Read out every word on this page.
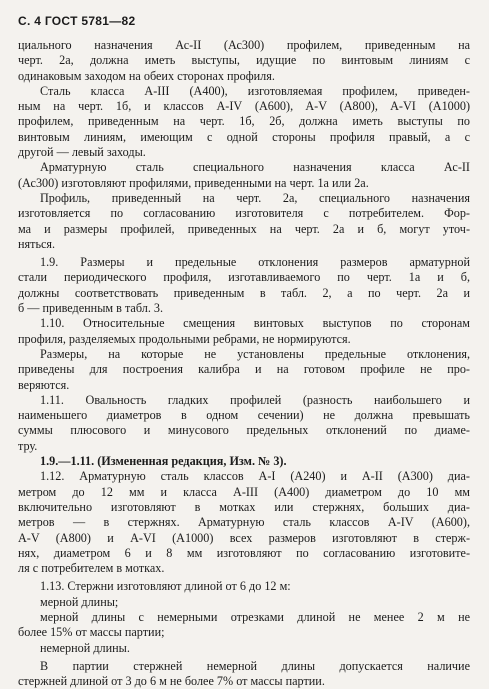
С. 4 ГОСТ 5781—82
циального назначения Ас-II (Ас300) профилем, приведенным на
черт. 2а, должна иметь выступы, идущие по винтовым линиям с
одинаковым заходом на обеих сторонах профиля.
Сталь класса A-III (А400), изготовляемая профилем, приведен-
ным на черт. 1б, и классов A-IV (А600), A-V (А800), A-VI (А1000)
профилем, приведенным на черт. 1б, 2б, должна иметь выступы по
винтовым линиям, имеющим с одной стороны профиля правый, а с
другой — левый заходы.
Арматурную сталь специального назначения класса Ас-II
(Ас300) изготовляют профилями, приведенными на черт. 1а или 2а.
Профиль, приведенный на черт. 2а, специального назначения
изготовляется по согласованию изготовителя с потребителем. Фор-
ма и размеры профилей, приведенных на черт. 2а и б, могут уточ-
няться.
1.9. Размеры и предельные отклонения размеров арматурной
стали периодического профиля, изготавливаемого по черт. 1а и б,
должны соответствовать приведенным в табл. 2, а по черт. 2а и
б — приведенным в табл. 3.
1.10. Относительные смещения винтовых выступов по сторонам
профиля, разделяемых продольными ребрами, не нормируются.
Размеры, на которые не установлены предельные отклонения,
приведены для построения калибра и на готовом профиле не про-
веряются.
1.11. Овальность гладких профилей (разность наибольшего и
наименьшего диаметров в одном сечении) не должна превышать
суммы плюсового и минусового предельных отклонений по диаме-
тру.
1.9.—1.11. (Измененная редакция, Изм. № 3).
1.12. Арматурную сталь классов A-I (А240) и A-II (А300) диа-
метром до 12 мм и класса A-III (А400) диаметром до 10 мм
включительно изготовляют в мотках или стержнях, больших диа-
метров — в стержнях. Арматурную сталь классов A-IV (А600),
A-V (А800) и A-VI (А1000) всех размеров изготовляют в стерж-
нях, диаметром 6 и 8 мм изготовляют по согласованию изготовите-
ля с потребителем в мотках.
1.13. Стержни изготовляют длиной от 6 до 12 м:
мерной длины;
мерной длины с немерными отрезками длиной не менее 2 м не
более 15% от массы партии;
немерной длины.
В партии стержней немерной длины допускается наличие
стержней длиной от 3 до 6 м не более 7% от массы партии.
